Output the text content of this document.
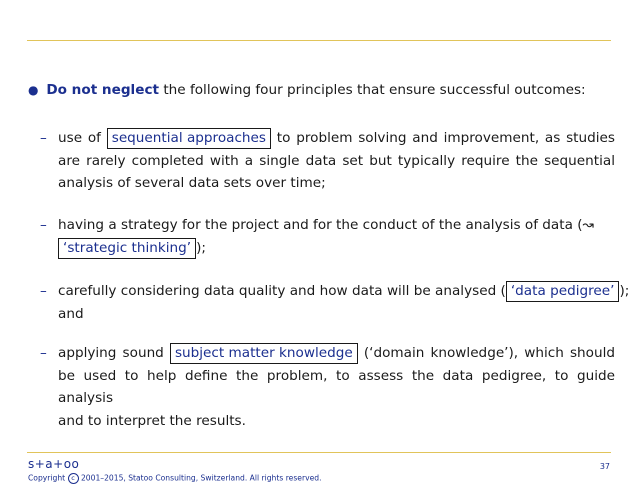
● Do not neglect the following four principles that ensure successful outcomes:
– use of sequential approaches to problem solving and improvement, as studies
are rarely completed with a single data set but typically require the sequential
analysis of several data sets over time;
– having a strategy for the project and for the conduct of the analysis of data (↝
‘strategic thinking’ );
– carefully considering data quality and how data will be analysed ( ‘data pedigree’ );
and
– applying sound subject matter knowledge (‘domain knowledge’), which should
be used to help define the problem, to assess the data pedigree, to guide analysis
and to interpret the results.
s+a+oo
Copyright c 2001–2015, Statoo Consulting, Switzerland. All rights reserved.
37
